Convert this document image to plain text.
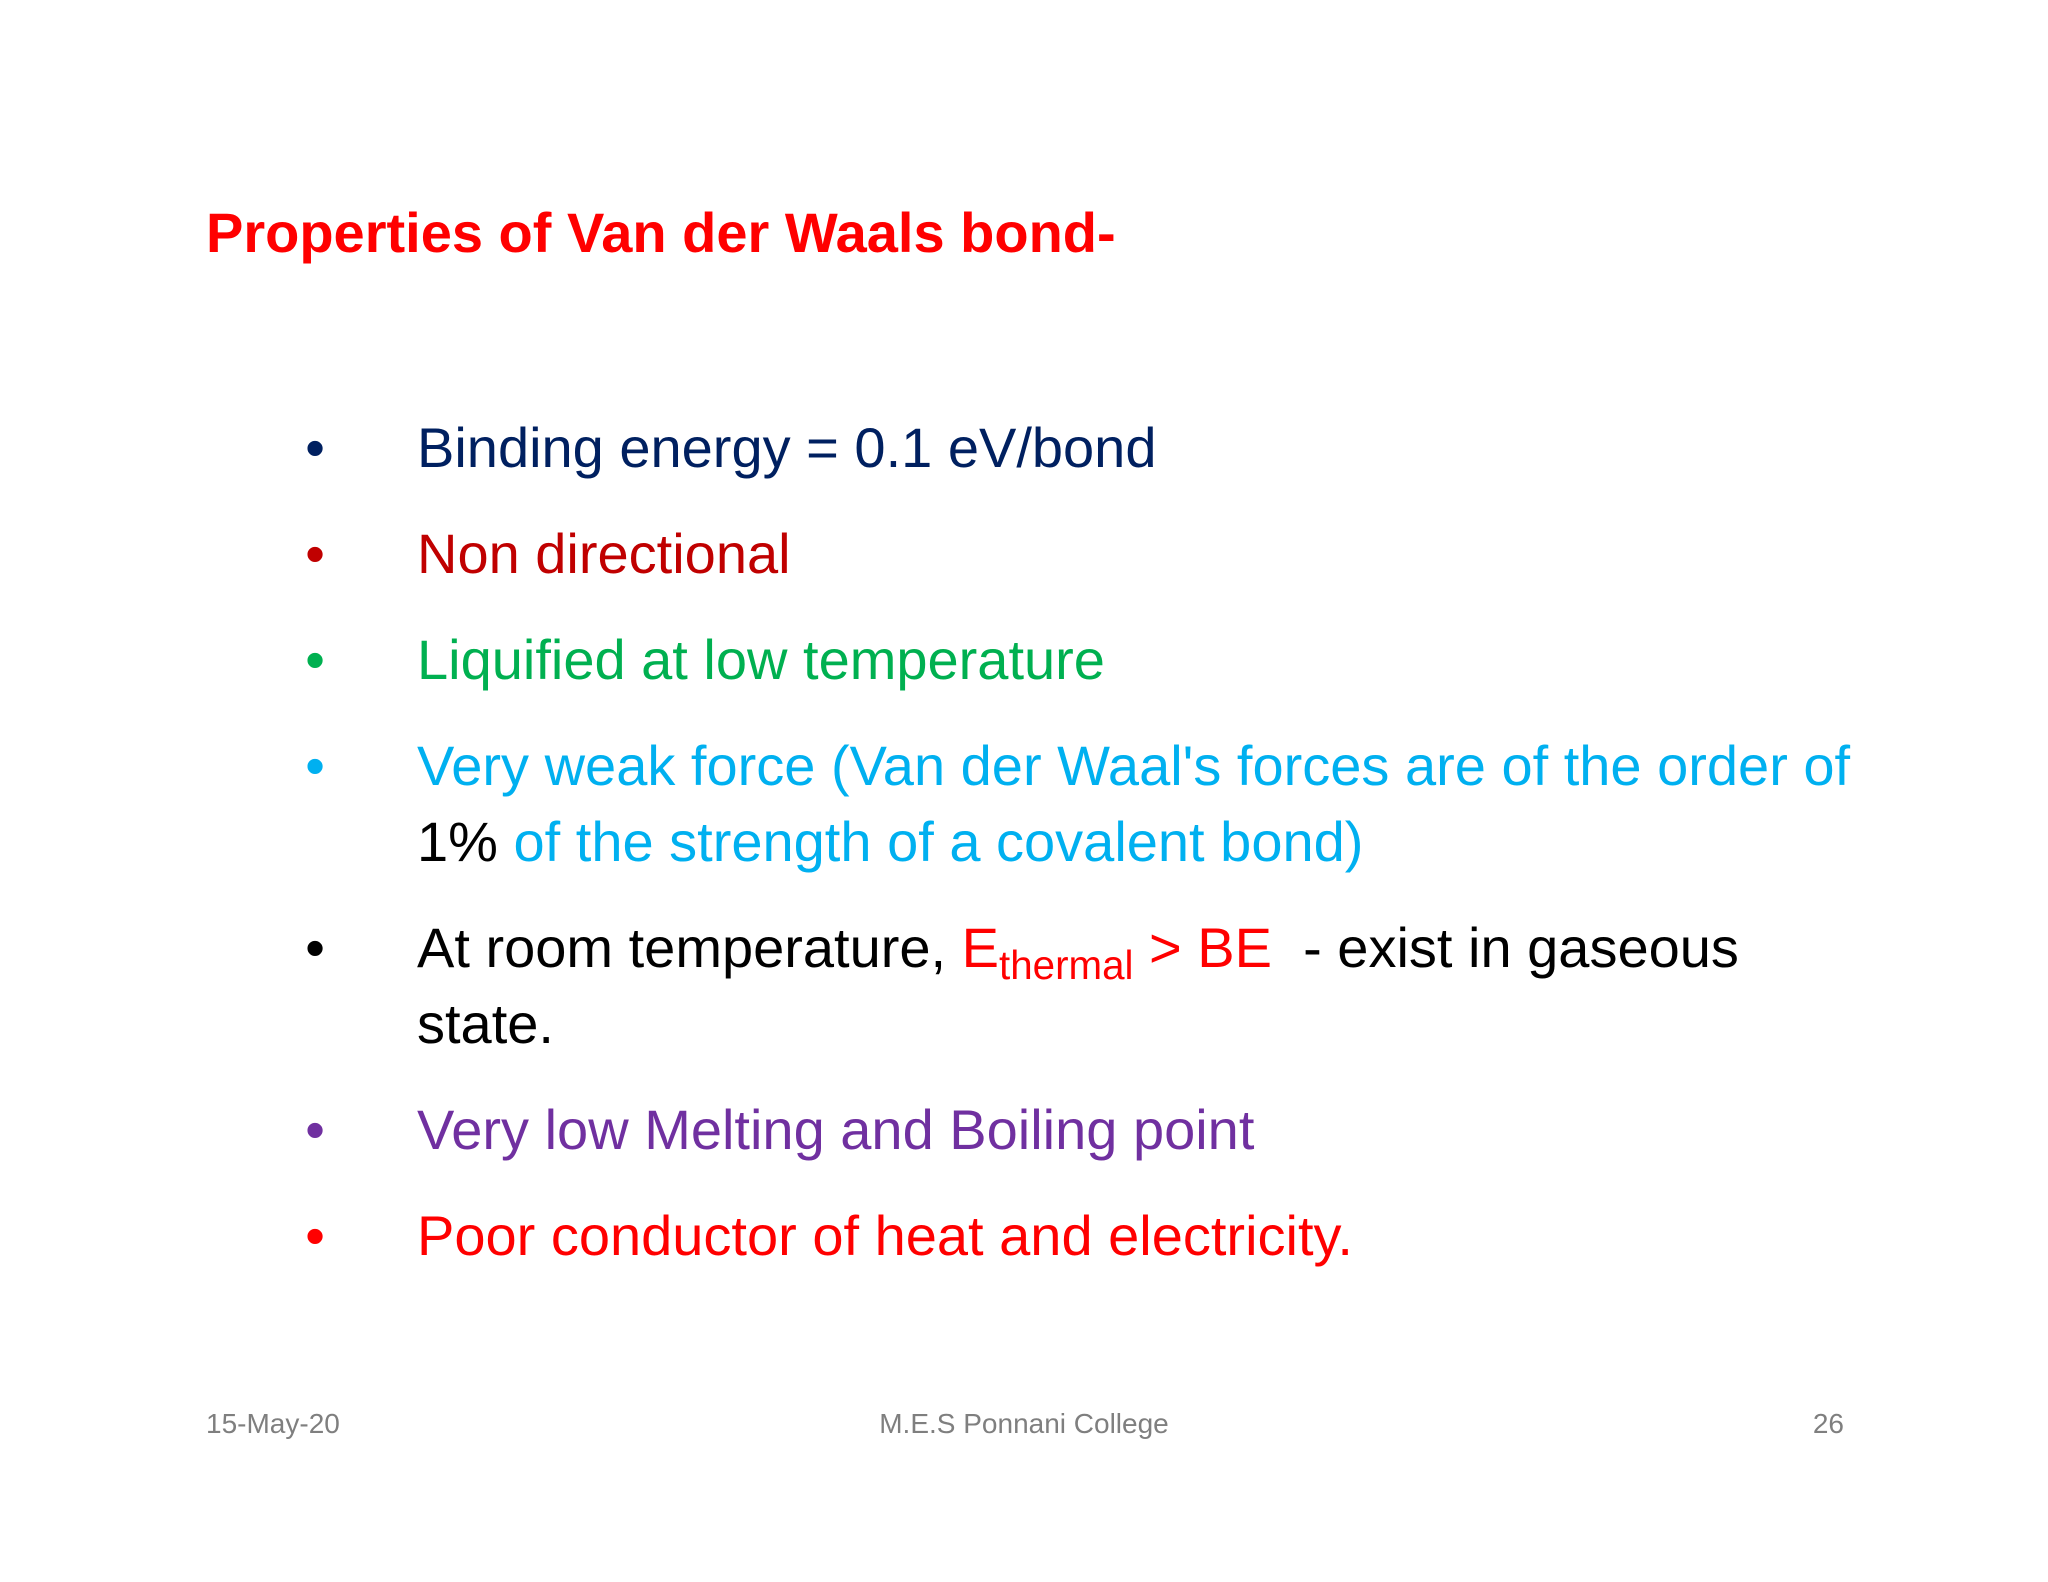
Properties of Van der Waals bond-
•
Binding energy = 0.1 eV/bond
•
Non directional
•
Liquified at low temperature
•
Very weak force (Van der Waal's forces are of the order of 1% of the strength of a covalent bond)
•
At room temperature, $E_{thermal}$ > BE  - exist in gaseous state.
•
Very low Melting and Boiling point
•
Poor conductor of heat and electricity.
15-May-20	M.E.S Ponnani College	26
